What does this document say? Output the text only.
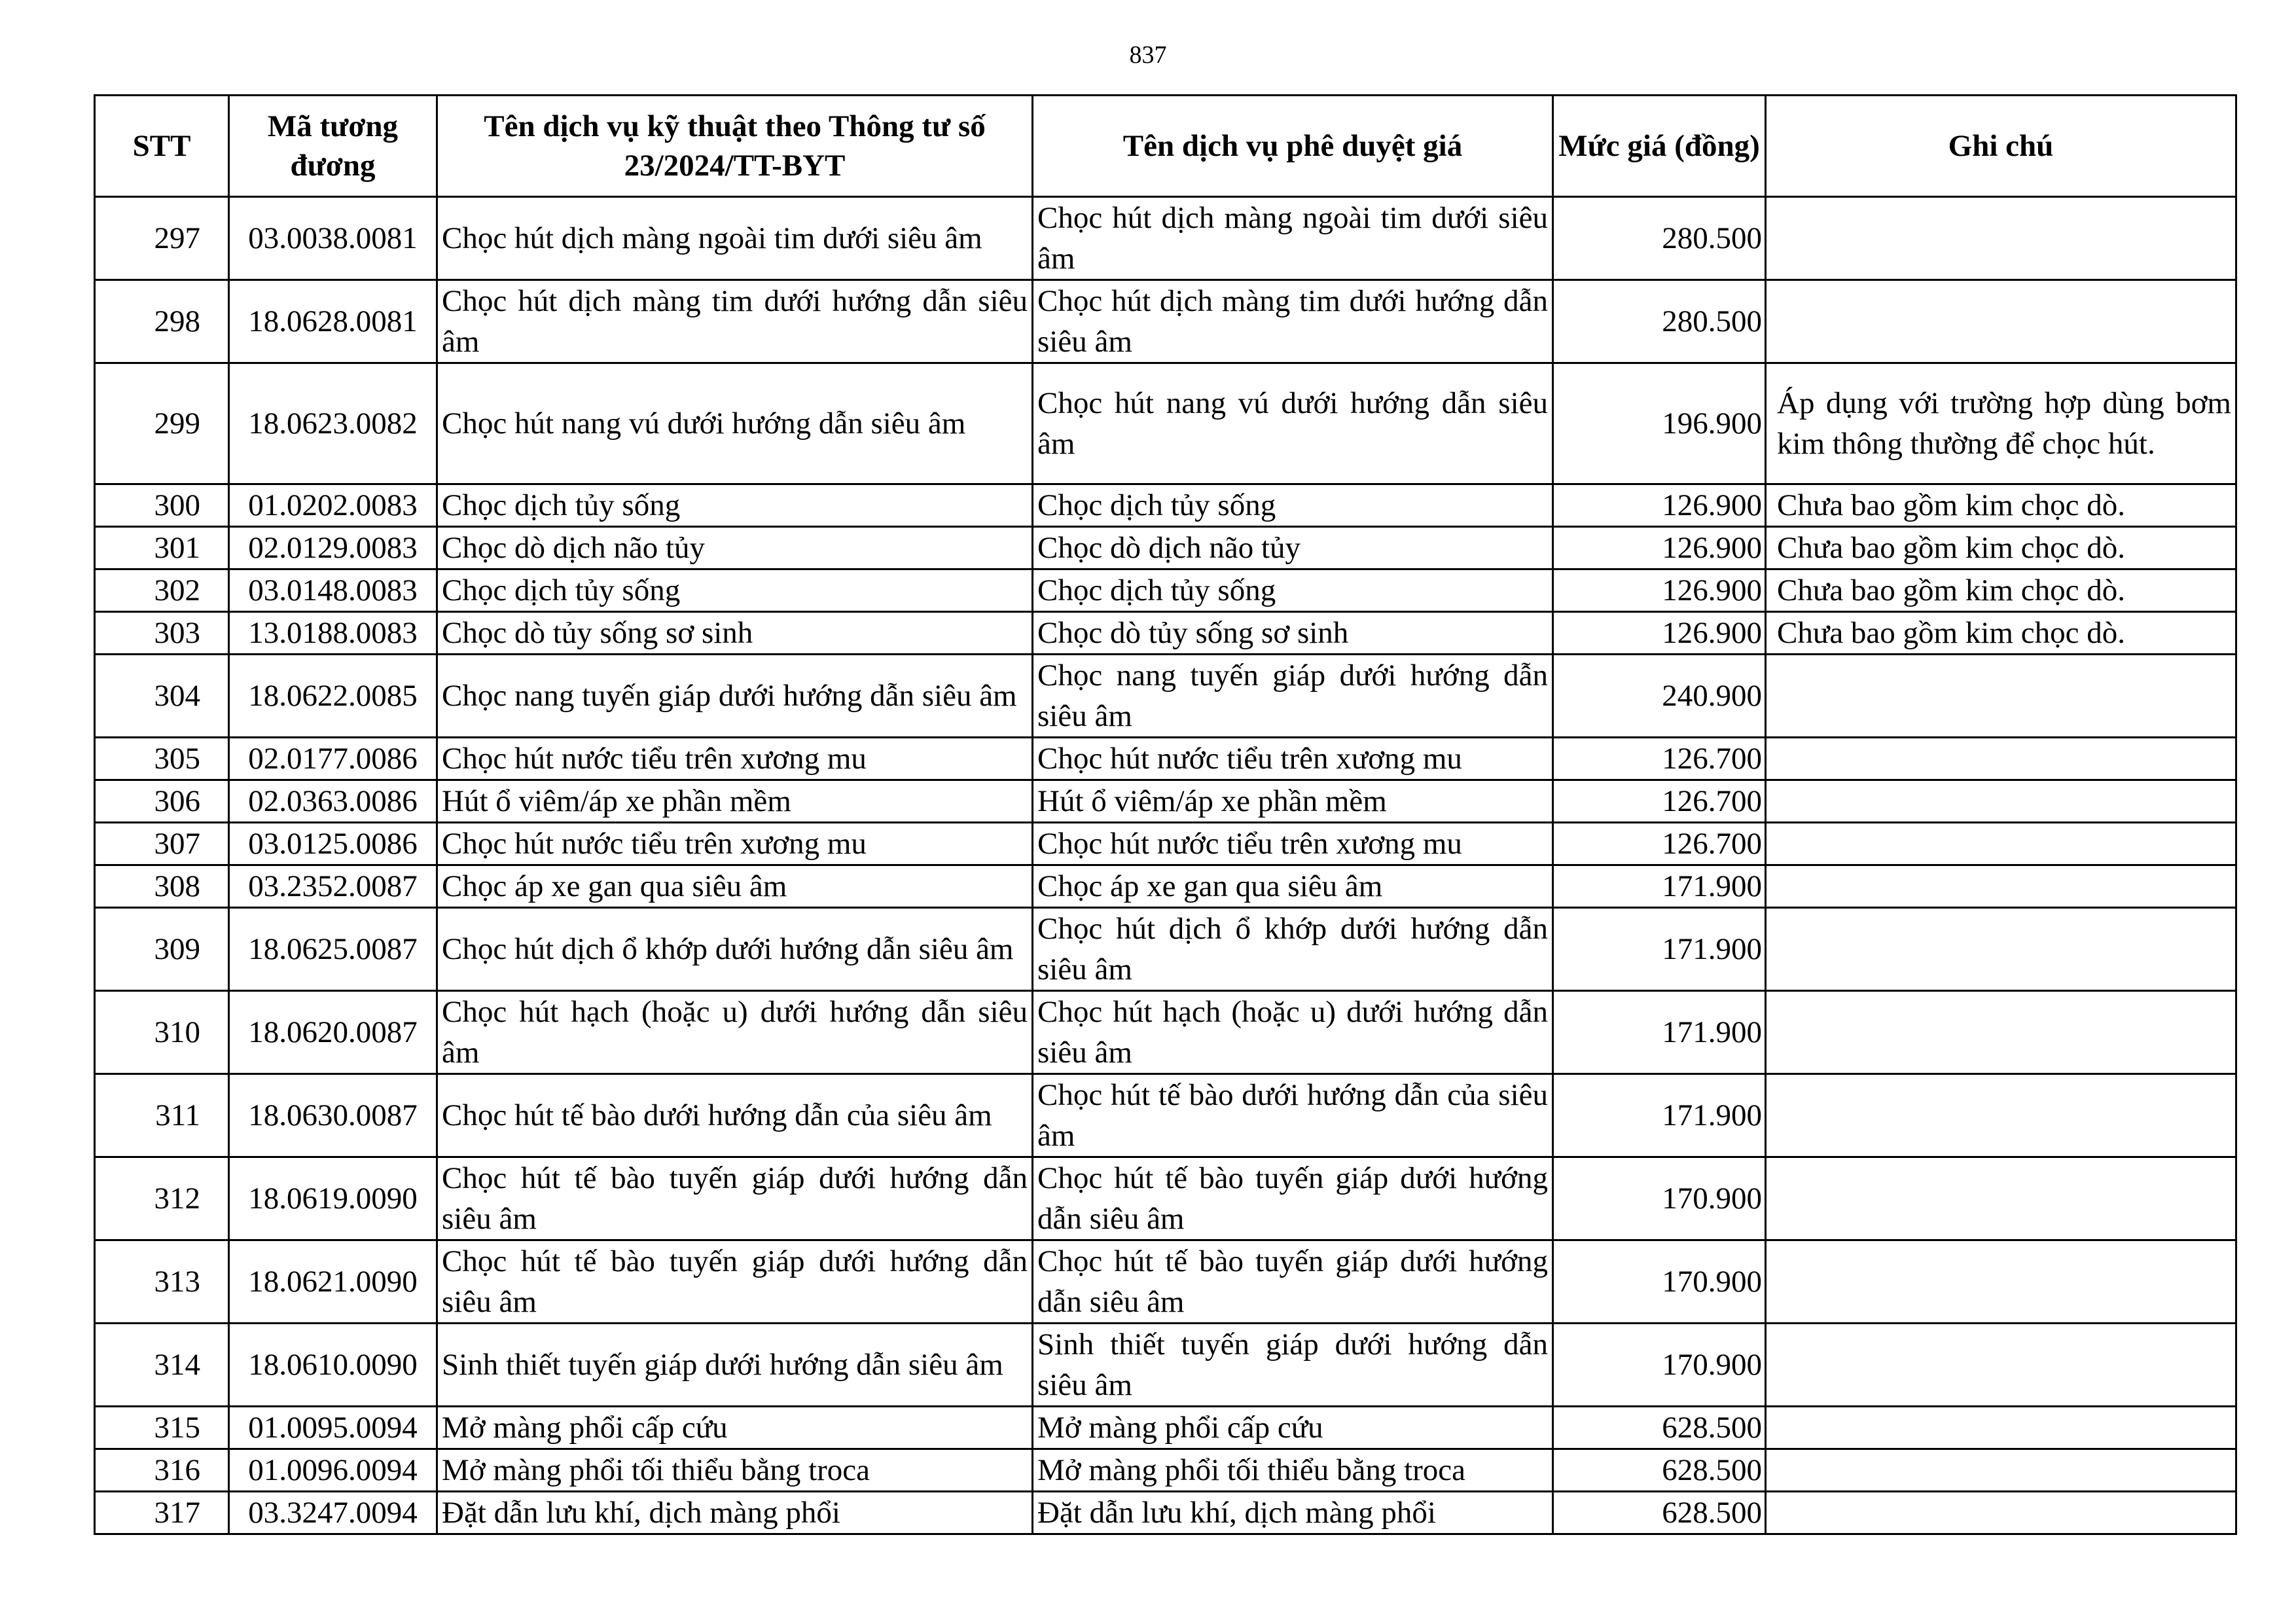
837
STT	Mã tương đương	Tên dịch vụ kỹ thuật theo Thông tư số 23/2024/TT-BYT	Tên dịch vụ phê duyệt giá	Mức giá (đồng)	Ghi chú
297	03.0038.0081	Chọc hút dịch màng ngoài tim dưới siêu âm	Chọc hút dịch màng ngoài tim dưới siêu âm	280.500	
298	18.0628.0081	Chọc hút dịch màng tim dưới hướng dẫn siêu âm	Chọc hút dịch màng tim dưới hướng dẫn siêu âm	280.500	
299	18.0623.0082	Chọc hút nang vú dưới hướng dẫn siêu âm	Chọc hút nang vú dưới hướng dẫn siêu âm	196.900	Áp dụng với trường hợp dùng bơm kim thông thường để chọc hút.
300	01.0202.0083	Chọc dịch tủy sống	Chọc dịch tủy sống	126.900	Chưa bao gồm kim chọc dò.
301	02.0129.0083	Chọc dò dịch não tủy	Chọc dò dịch não tủy	126.900	Chưa bao gồm kim chọc dò.
302	03.0148.0083	Chọc dịch tủy sống	Chọc dịch tủy sống	126.900	Chưa bao gồm kim chọc dò.
303	13.0188.0083	Chọc dò tủy sống sơ sinh	Chọc dò tủy sống sơ sinh	126.900	Chưa bao gồm kim chọc dò.
304	18.0622.0085	Chọc nang tuyến giáp dưới hướng dẫn siêu âm	Chọc nang tuyến giáp dưới hướng dẫn siêu âm	240.900	
305	02.0177.0086	Chọc hút nước tiểu trên xương mu	Chọc hút nước tiểu trên xương mu	126.700	
306	02.0363.0086	Hút ổ viêm/áp xe phần mềm	Hút ổ viêm/áp xe phần mềm	126.700	
307	03.0125.0086	Chọc hút nước tiểu trên xương mu	Chọc hút nước tiểu trên xương mu	126.700	
308	03.2352.0087	Chọc áp xe gan qua siêu âm	Chọc áp xe gan qua siêu âm	171.900	
309	18.0625.0087	Chọc hút dịch ổ khớp dưới hướng dẫn siêu âm	Chọc hút dịch ổ khớp dưới hướng dẫn siêu âm	171.900	
310	18.0620.0087	Chọc hút hạch (hoặc u) dưới hướng dẫn siêu âm	Chọc hút hạch (hoặc u) dưới hướng dẫn siêu âm	171.900	
311	18.0630.0087	Chọc hút tế bào dưới hướng dẫn của siêu âm	Chọc hút tế bào dưới hướng dẫn của siêu âm	171.900	
312	18.0619.0090	Chọc hút tế bào tuyến giáp dưới hướng dẫn siêu âm	Chọc hút tế bào tuyến giáp dưới hướng dẫn siêu âm	170.900	
313	18.0621.0090	Chọc hút tế bào tuyến giáp dưới hướng dẫn siêu âm	Chọc hút tế bào tuyến giáp dưới hướng dẫn siêu âm	170.900	
314	18.0610.0090	Sinh thiết tuyến giáp dưới hướng dẫn siêu âm	Sinh thiết tuyến giáp dưới hướng dẫn siêu âm	170.900	
315	01.0095.0094	Mở màng phổi cấp cứu	Mở màng phổi cấp cứu	628.500	
316	01.0096.0094	Mở màng phổi tối thiểu bằng troca	Mở màng phổi tối thiểu bằng troca	628.500	
317	03.3247.0094	Đặt dẫn lưu khí, dịch màng phổi	Đặt dẫn lưu khí, dịch màng phổi	628.500	
